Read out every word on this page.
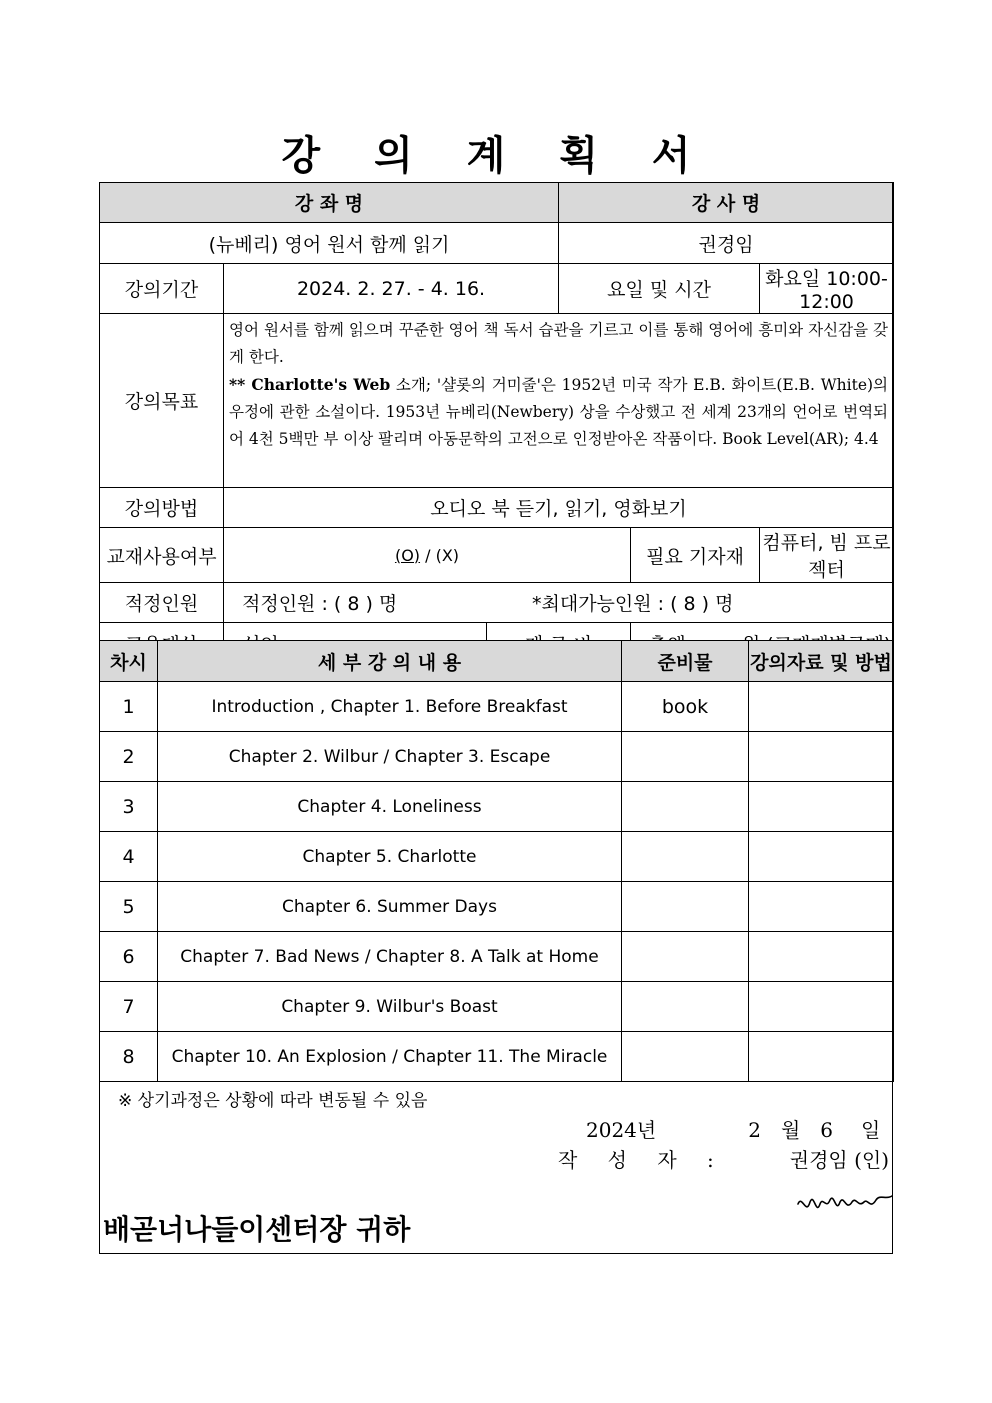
강 의 계 획 서
강 좌 명			강 사 명		
(뉴베리) 영어 원서 함께 읽기			권경임		
강의기간	2024. 2. 27. - 4. 16.		요일 및 시간		화요일 10:00-12:00
강의목표	영어 원서를 함께 읽으며 꾸준한 영어 책 독서 습관을 기르고 이를 통해 영어에 흥미와 자신감을 갖게 한다.
** Charlotte's Web 소개; '샬롯의 거미줄'은 1952년 미국 작가 E.B. 화이트(E.B. White)의 우정에 관한 소설이다. 1953년 뉴베리(Newbery) 상을 수상했고 전 세계 23개의 언어로 번역되어 4천 5백만 부 이상 팔리며 아동문학의 고전으로 인정받아온 작품이다. Book Level(AR); 4.4				

강의방법	오디오 북 듣기, 읽기, 영화보기				
교재사용여부	(O) / (X)			필요 기자재	컴퓨터, 빔 프로젝터
적정인원	적정인원 : ( 8 ) 명 *최대가능인원 : ( 8 ) 명				

차시	세 부 강 의 내 용	준비물	강의자료 및 방법
1	Introduction , Chapter 1. Before Breakfast	book	
2	Chapter 2. Wilbur / Chapter 3. Escape		
3	Chapter 4. Loneliness		
4	Chapter 5. Charlotte		
5	Chapter 6. Summer Days		
6	Chapter 7. Bad News / Chapter 8. A Talk at Home		
7	Chapter 9. Wilbur's Boast		
8	Chapter 10. An Explosion / Chapter 11. The Miracle		
※ 상기과정은 상황에 따라 변동될 수 있음
2024년	2 월 6 일
작 성 자 :	권경임 (인)
배곧너나들이센터장 귀하
